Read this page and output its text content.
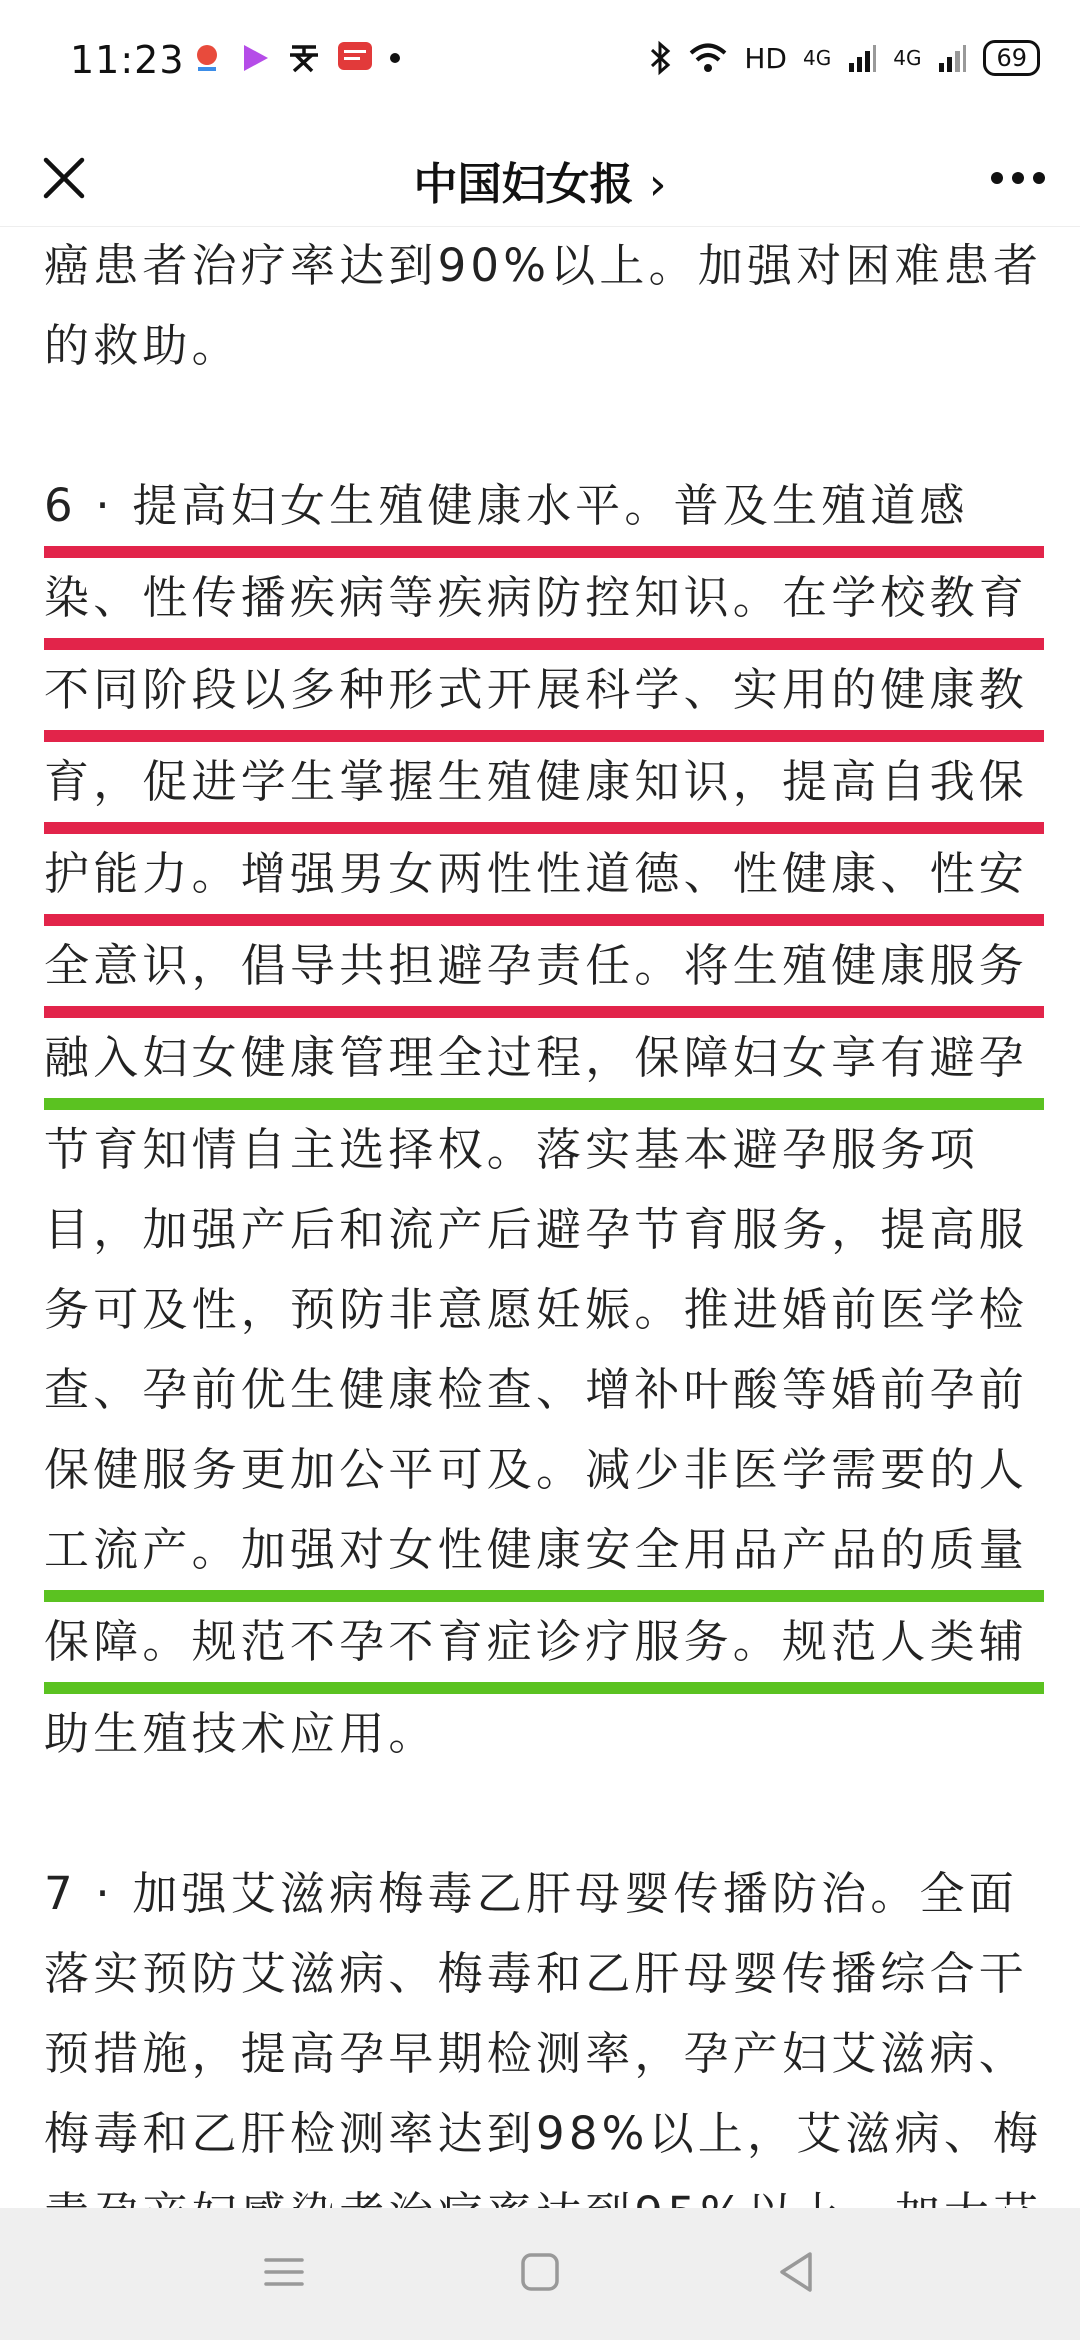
11:23	HD 4G	4G	69
中国妇女报 ›
癌患者治疗率达到90%以上。加强对困难患者
的救助。
6 · 提高妇女生殖健康水平。普及生殖道感
染、性传播疾病等疾病防控知识。在学校教育
不同阶段以多种形式开展科学、实用的健康教
育，促进学生掌握生殖健康知识，提高自我保
护能力。增强男女两性性道德、性健康、性安
全意识，倡导共担避孕责任。将生殖健康服务
融入妇女健康管理全过程，保障妇女享有避孕
节育知情自主选择权。落实基本避孕服务项
目，加强产后和流产后避孕节育服务，提高服
务可及性，预防非意愿妊娠。推进婚前医学检
查、孕前优生健康检查、增补叶酸等婚前孕前
保健服务更加公平可及。减少非医学需要的人
工流产。加强对女性健康安全用品产品的质量
保障。规范不孕不育症诊疗服务。规范人类辅
助生殖技术应用。
7 · 加强艾滋病梅毒乙肝母婴传播防治。全面
落实预防艾滋病、梅毒和乙肝母婴传播综合干
预措施，提高孕早期检测率，孕产妇艾滋病、
梅毒和乙肝检测率达到98%以上，艾滋病、梅
